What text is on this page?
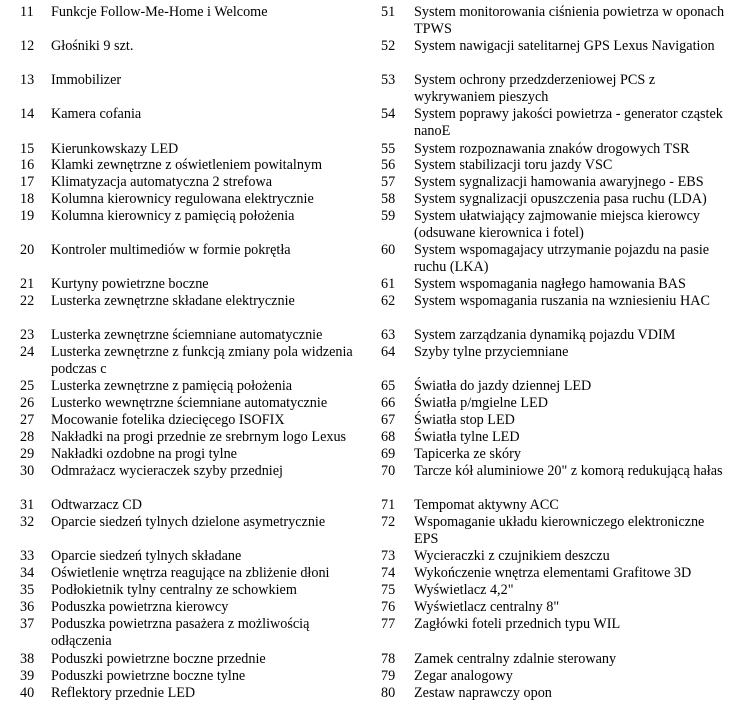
11 Funkcje Follow-Me-Home i Welcome
12 Głośniki 9 szt.
13 Immobilizer
14 Kamera cofania
15 Kierunkowskazy LED
16 Klamki zewnętrzne z oświetleniem powitalnym
17 Klimatyzacja automatyczna 2 strefowa
18 Kolumna kierownicy regulowana elektrycznie
19 Kolumna kierownicy z pamięcią położenia
20 Kontroler multimediów w formie pokrętła
21 Kurtyny powietrzne boczne
22 Lusterka zewnętrzne składane elektrycznie
23 Lusterka zewnętrzne ściemniane automatycznie
24 Lusterka zewnętrzne z funkcją zmiany pola widzenia podczas c
25 Lusterka zewnętrzne z pamięcią położenia
26 Lusterko wewnętrzne ściemniane automatycznie
27 Mocowanie fotelika dziecięcego ISOFIX
28 Nakładki na progi przednie ze srebrnym logo Lexus
29 Nakładki ozdobne na progi tylne
30 Odmrażacz wycieraczek szyby przedniej
31 Odtwarzacz CD
32 Oparcie siedzeń tylnych dzielone asymetrycznie
33 Oparcie siedzeń tylnych składane
34 Oświetlenie wnętrza reagujące na zbliżenie dłoni
35 Podłokietnik tylny centralny ze schowkiem
36 Poduszka powietrzna kierowcy
37 Poduszka powietrzna pasażera z możliwością odłączenia
38 Poduszki powietrzne boczne przednie
39 Poduszki powietrzne boczne tylne
40 Reflektory przednie LED
51 System monitorowania ciśnienia powietrza w oponach TPWS
52 System nawigacji satelitarnej GPS Lexus Navigation
53 System ochrony przedzderzeniowej PCS z wykrywaniem pieszych
54 System poprawy jakości powietrza - generator cząstek nanoE
55 System rozpoznawania znaków drogowych TSR
56 System stabilizacji toru jazdy VSC
57 System sygnalizacji hamowania awaryjnego - EBS
58 System sygnalizacji opuszczenia pasa ruchu (LDA)
59 System ułatwiający zajmowanie miejsca kierowcy (odsuwane kierownica i fotel)
60 System wspomagajacy utrzymanie pojazdu na pasie ruchu (LKA)
61 System wspomagania nagłego hamowania BAS
62 System wspomagania ruszania na wzniesieniu HAC
63 System zarządzania dynamiką pojazdu VDIM
64 Szyby tylne przyciemniane
65 Światła do jazdy dziennej LED
66 Światła p/mgielne LED
67 Światła stop LED
68 Światła tylne LED
69 Tapicerka ze skóry
70 Tarcze kół aluminiowe 20" z komorą redukującą hałas
71 Tempomat aktywny ACC
72 Wspomaganie układu kierowniczego elektroniczne EPS
73 Wycieraczki z czujnikiem deszczu
74 Wykończenie wnętrza elementami Grafitowe 3D
75 Wyświetlacz 4,2"
76 Wyświetlacz centralny 8"
77 Zagłówki foteli przednich typu WIL
78 Zamek centralny zdalnie sterowany
79 Zegar analogowy
80 Zestaw naprawczy opon
